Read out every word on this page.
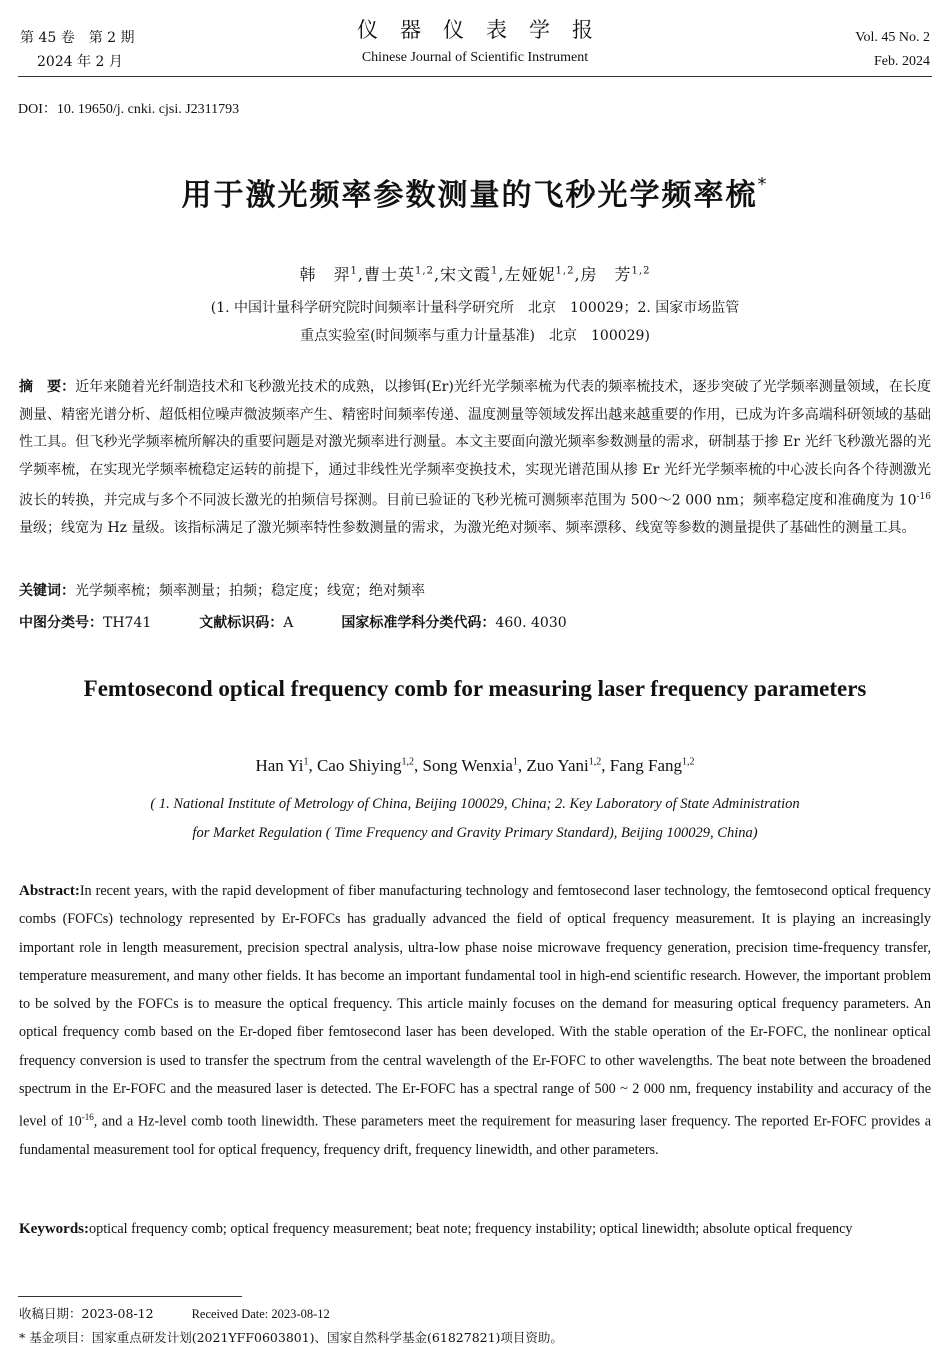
第 45 卷　第 2 期
2024 年 2 月
仪器仪表学报
Chinese Journal of Scientific Instrument
Vol. 45 No. 2
Feb. 2024
DOI：10. 19650/j. cnki. cjsi. J2311793
用于激光频率参数测量的飞秒光学频率梳*
韩　羿$^1$,曹士英$^{1,2}$,宋文霞$^1$,左娅妮$^{1,2}$,房　芳$^{1,2}$
(1. 中国计量科学研究院时间频率计量科学研究所　北京　100029；2. 国家市场监管
重点实验室(时间频率与重力计量基准)　北京　100029)
摘　要：近年来随着光纤制造技术和飞秒激光技术的成熟，以掺铒(Er)光纤光学频率梳为代表的频率梳技术，逐步突破了光学频率测量领域，在长度测量、精密光谱分析、超低相位噪声微波频率产生、精密时间频率传递、温度测量等领域发挥出越来越重要的作用，已成为许多高端科研领域的基础性工具。但飞秒光学频率梳所解决的重要问题是对激光频率进行测量。本文主要面向激光频率参数测量的需求，研制基于掺 Er 光纤飞秒激光器的光学频率梳，在实现光学频率梳稳定运转的前提下，通过非线性光学频率变换技术，实现光谱范围从掺 Er 光纤光学频率梳的中心波长向各个待测激光波长的转换，并完成与多个不同波长激光的拍频信号探测。目前已验证的飞秒光梳可测频率范围为 500～2 000 nm；频率稳定度和准确度为 $10^{-16}$ 量级；线宽为 Hz 量级。该指标满足了激光频率特性参数测量的需求，为激光绝对频率、频率漂移、线宽等参数的测量提供了基础性的测量工具。
关键词：光学频率梳；频率测量；拍频；稳定度；线宽；绝对频率
中图分类号：TH741	文献标识码：A	国家标准学科分类代码：460. 4030
Femtosecond optical frequency comb for measuring laser frequency parameters
Han Yi$^1$, Cao Shiying$^{1,2}$, Song Wenxia$^1$, Zuo Yani$^{1,2}$, Fang Fang$^{1,2}$
( 1. National Institute of Metrology of China, Beijing 100029, China; 2. Key Laboratory of State Administration
for Market Regulation ( Time Frequency and Gravity Primary Standard), Beijing 100029, China)
Abstract:In recent years, with the rapid development of fiber manufacturing technology and femtosecond laser technology, the femtosecond optical frequency combs (FOFCs) technology represented by Er-FOFCs has gradually advanced the field of optical frequency measurement. It is playing an increasingly important role in length measurement, precision spectral analysis, ultra-low phase noise microwave frequency generation, precision time-frequency transfer, temperature measurement, and many other fields. It has become an important fundamental tool in high-end scientific research. However, the important problem to be solved by the FOFCs is to measure the optical frequency. This article mainly focuses on the demand for measuring optical frequency parameters. An optical frequency comb based on the Er-doped fiber femtosecond laser has been developed. With the stable operation of the Er-FOFC, the nonlinear optical frequency conversion is used to transfer the spectrum from the central wavelength of the Er-FOFC to other wavelengths. The beat note between the broadened spectrum in the Er-FOFC and the measured laser is detected. The Er-FOFC has a spectral range of 500 ~ 2 000 nm, frequency instability and accuracy of the level of $10^{-16}$, and a Hz-level comb tooth linewidth. These parameters meet the requirement for measuring laser frequency. The reported Er-FOFC provides a fundamental measurement tool for optical frequency, frequency drift, frequency linewidth, and other parameters.
Keywords:optical frequency comb; optical frequency measurement; beat note; frequency instability; optical linewidth; absolute optical frequency
收稿日期：2023-08-12	Received Date: 2023-08-12
* 基金项目：国家重点研发计划(2021YFF0603801)、国家自然科学基金(61827821)项目资助。
